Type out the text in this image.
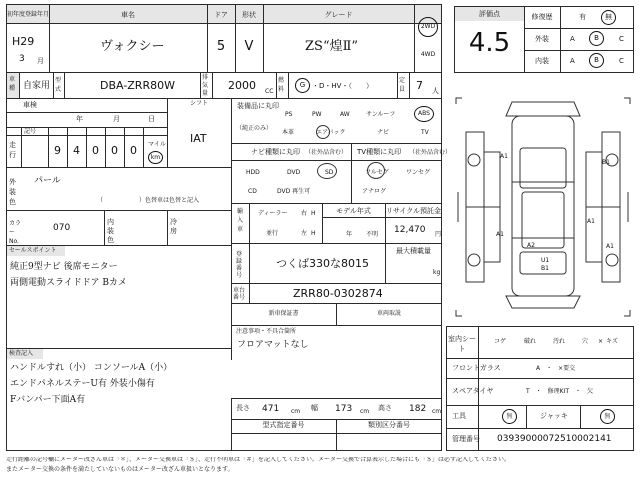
初年度登録年月	車名	ドア	形状	グレード
H29
3 月
ヴォクシー	5	V	ZS“煌Ⅱ”
2WD
4WD
車種 自家用
型式	DBA-ZRR80W
排気量
2000 CC
燃料
G ・D・HV・（　　）
定員 7 人
車検
年	月	日
シフト
IAT
記号
走行	9	4	0	0	0	マイル
km
外装色
パール
（　　　　　　）色替車は色替と記入
カラーNo.
070
内装色
冷房
セールスポイント
純正9型ナビ 後席モニター
両側電動スライドドア Bカメ
検査記入
ハンドルすれ（小） コンソールA（小）
エンドパネルステーU有 外装小傷有
Fバンパー下面A有
装備品に丸印
（純正のみ）
PS	PW	AW	サンルーフ	ABS
本革	エアバック	ナビ	TV
ナビ種類に丸印 （社外品含む）
HDD	DVD	SD
CD	DVD 再生可
TV種類に丸印 （社外品含む）
フルセグ	ワンセグ
アナログ
輸入車
ディーラー
並行
右 H
左 H
モデル年式
年 不明
リサイクル預託金
12,470 円
登録番号
つくば330な8015
最大積載量
kg
車台番号	ZRR80-0302874
新車保証書	車両取説
注意事項・不具合箇所
フロアマットなし
長さ 471 cm 幅 173 cm 高さ 182 cm
型式指定番号	類別区分番号
評価点
4.5
修復歴	有	無
外装	A	B	C
内装	A	B	C
A1
B1
A1
A1
A2
U1
B1
A1
室内シート
コゲ	破れ	汚れ	穴 × キズ
フロントガラス	A　・　×要交
スペアタイヤ	T　・　修理KIT　・　欠
工具	無	ジャッキ	無
管理番号 0393900007251000214​1
走行距離の記号欄にメーター改ざん車は「＊」、メーター交換車は「＄」、走行不明車は「＃」を記入してください。メーター交換で合算表示した場合にも「＄」は必ず記入してください。
またメーター交換の条件を満たしていないものはメーター改ざん車扱いとなります。
